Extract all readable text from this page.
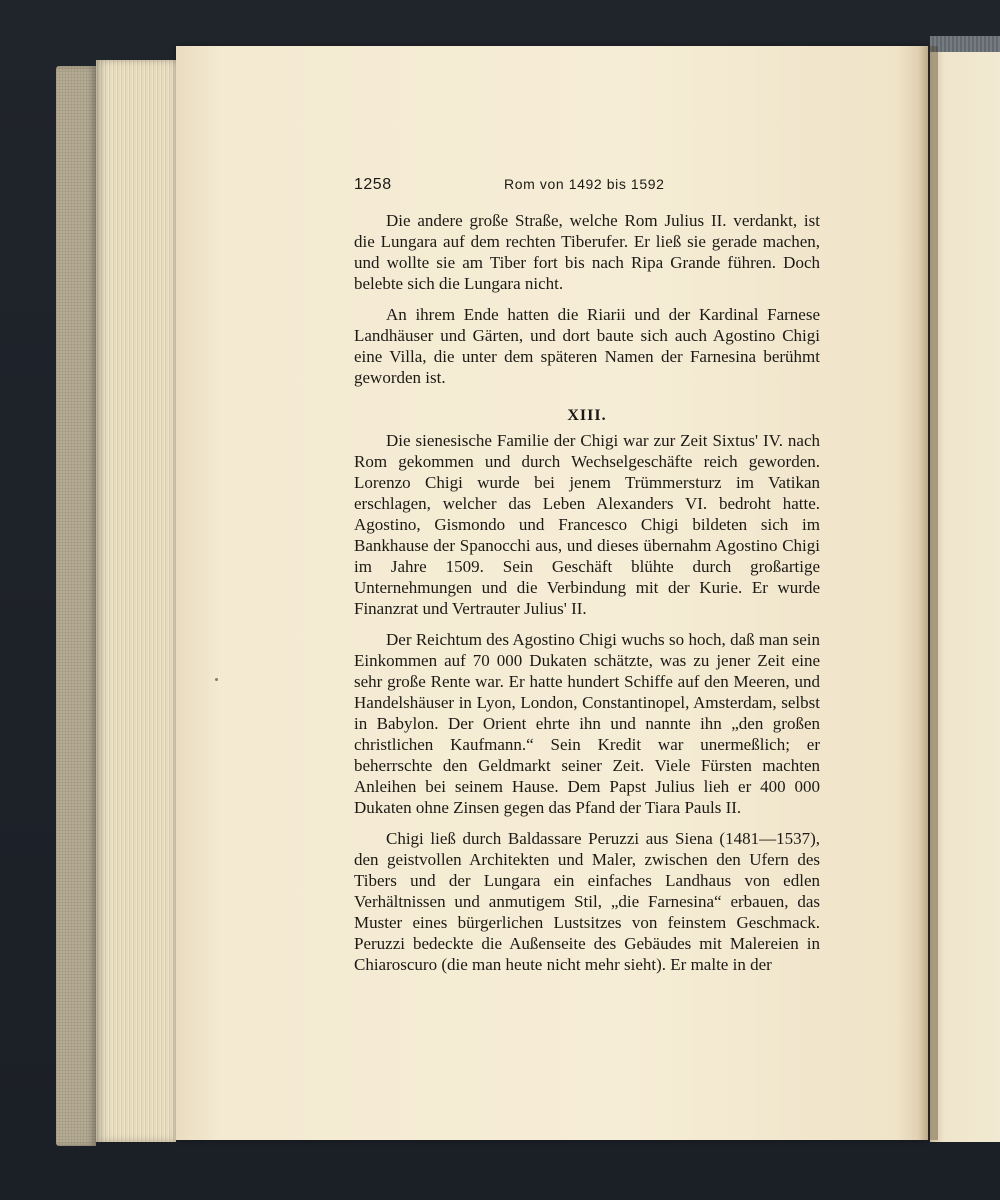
1258	Rom von 1492 bis 1592

Die andere große Straße, welche Rom Julius II. verdankt, ist die Lungara auf dem rechten Tiberufer. Er ließ sie gerade machen, und wollte sie am Tiber fort bis nach Ripa Grande führen. Doch belebte sich die Lungara nicht.

An ihrem Ende hatten die Riarii und der Kardinal Farnese Landhäuser und Gärten, und dort baute sich auch Agostino Chigi eine Villa, die unter dem späteren Namen der Farnesina berühmt geworden ist.

XIII.

Die sienesische Familie der Chigi war zur Zeit Sixtus' IV. nach Rom gekommen und durch Wechselgeschäfte reich geworden. Lorenzo Chigi wurde bei jenem Trümmersturz im Vatikan erschlagen, welcher das Leben Alexanders VI. bedroht hatte. Agostino, Gismondo und Francesco Chigi bildeten sich im Bankhause der Spanocchi aus, und dieses übernahm Agostino Chigi im Jahre 1509. Sein Geschäft blühte durch großartige Unternehmungen und die Verbindung mit der Kurie. Er wurde Finanzrat und Vertrauter Julius' II.

Der Reichtum des Agostino Chigi wuchs so hoch, daß man sein Einkommen auf 70 000 Dukaten schätzte, was zu jener Zeit eine sehr große Rente war. Er hatte hundert Schiffe auf den Meeren, und Handelshäuser in Lyon, London, Constantinopel, Amsterdam, selbst in Babylon. Der Orient ehrte ihn und nannte ihn „den großen christlichen Kaufmann.“ Sein Kredit war unermeßlich; er beherrschte den Geldmarkt seiner Zeit. Viele Fürsten machten Anleihen bei seinem Hause. Dem Papst Julius lieh er 400 000 Dukaten ohne Zinsen gegen das Pfand der Tiara Pauls II.

Chigi ließ durch Baldassare Peruzzi aus Siena (1481—1537), den geistvollen Architekten und Maler, zwischen den Ufern des Tibers und der Lungara ein einfaches Landhaus von edlen Verhältnissen und anmutigem Stil, „die Farnesina“ erbauen, das Muster eines bürgerlichen Lustsitzes von feinstem Geschmack. Peruzzi bedeckte die Außenseite des Gebäudes mit Malereien in Chiaroscuro (die man heute nicht mehr sieht). Er malte in der
